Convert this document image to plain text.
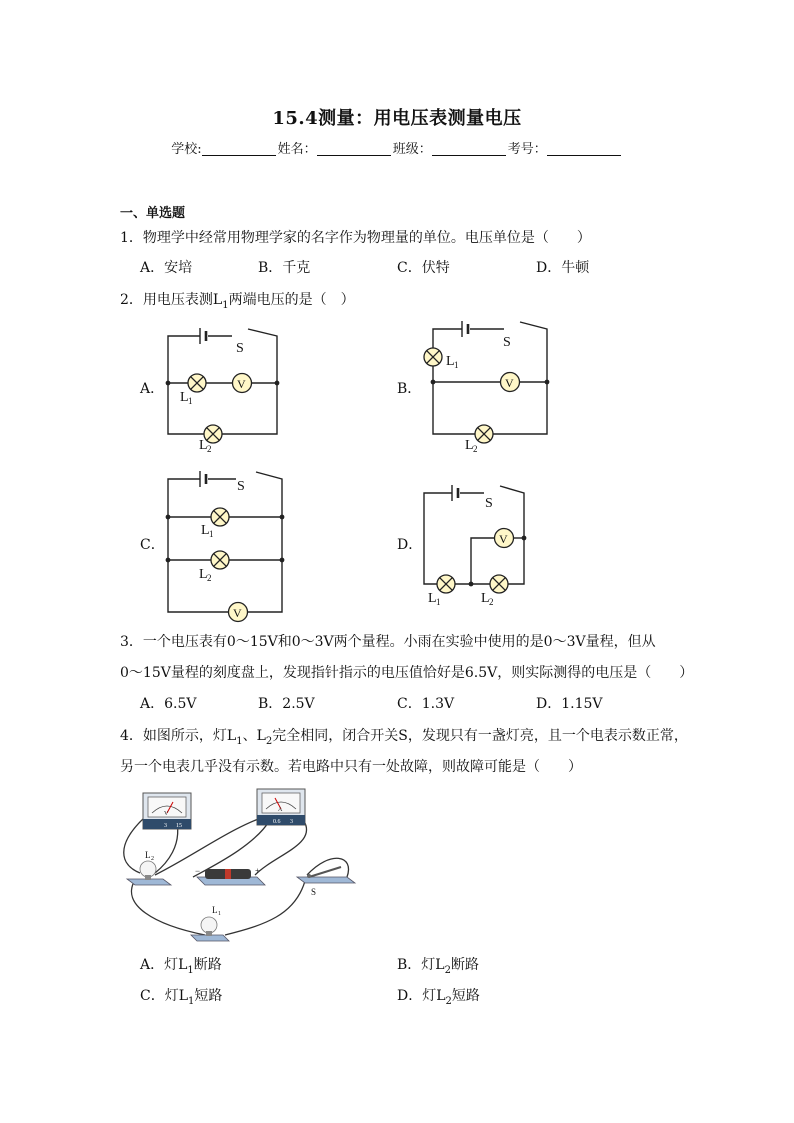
15.4测量：用电压表测量电压
学校:	姓名：	班级：	考号：
一、单选题
1．物理学中经常用物理学家的名字作为物理量的单位。电压单位是（　　）
A．安培	B．千克	C．伏特	D．牛顿
2．用电压表测$L_1$两端电压的是（　）
A．	B．
C．	D．
S
V
L 1
L 2
S
V
L 1
L 2
S
V
L 1
L 2
S
V
L 1	L 2
3．一个电压表有0～15V和0～3V两个量程。小雨在实验中使用的是0～3V量程，但从
0～15V量程的刻度盘上，发现指针指示的电压值恰好是6.5V，则实际测得的电压是（　　）
A．6.5V	B．2.5V	C．1.3V	D．1.15V
4．如图所示，灯$L_1$、$L_2$完全相同，闭合开关S，发现只有一盏灯亮，且一个电表示数正常，
另一个电表几乎没有示数。若电路中只有一处故障，则故障可能是（　　）
V
3 15
A
0.6 3
L 2
−	+
S
L 1
A．灯$L_1$断路	B．灯$L_2$断路
C．灯$L_1$短路	D．灯$L_2$短路
